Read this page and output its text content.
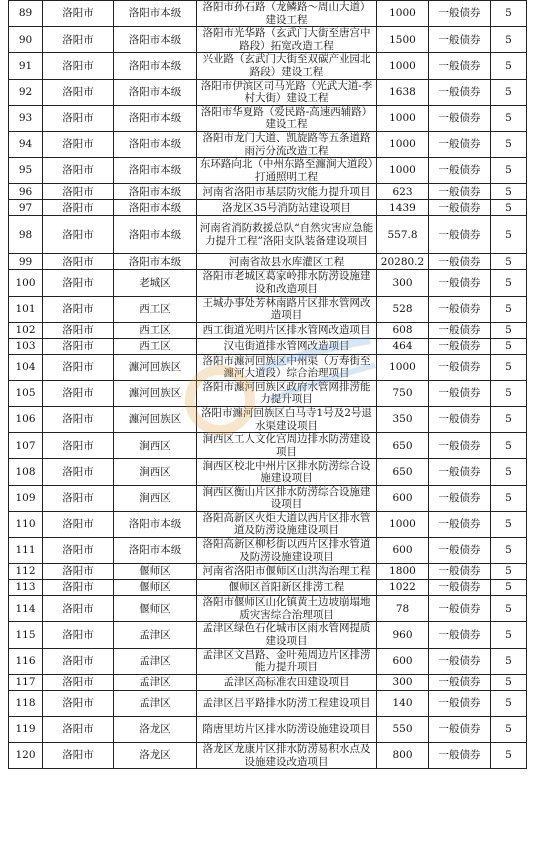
89	洛阳市	洛阳市本级	洛阳市孙石路（龙鳞路～周山大道）建设工程	1000	一般债券	5
90	洛阳市	洛阳市本级	洛阳市光华路（玄武门大街至唐宫中路段）拓宽改造工程	1500	一般债券	5
91	洛阳市	洛阳市本级	兴业路（玄武门大街至双碳产业园北路段）建设工程	1000	一般债券	5
92	洛阳市	洛阳市本级	洛阳市伊滨区司马光路（光武大道-李村大街）建设工程	1638	一般债券	5
93	洛阳市	洛阳市本级	洛阳市华夏路（爱民路-高速西辅路）建设工程	1000	一般债券	5
94	洛阳市	洛阳市本级	洛阳市龙门大道、凯旋路等五条道路雨污分流改造工程	1000	一般债券	5
95	洛阳市	洛阳市本级	东环路向北（中州东路至瀍涧大道段）打通照明工程	1000	一般债券	5
96	洛阳市	洛阳市本级	河南省洛阳市基层防灾能力提升项目	623	一般债券	5
97	洛阳市	洛阳市本级	洛龙区35号消防站建设项目	1439	一般债券	5
98	洛阳市	洛阳市本级	河南省消防救援总队“自然灾害应急能力提升工程”洛阳支队装备建设项目	557.8	一般债券	5
99	洛阳市	洛阳市本级	河南省故县水库灌区工程	20280.2	一般债券	5
100	洛阳市	老城区	洛阳市老城区葛家岭排水防涝设施建设和改造项目	300	一般债券	5
101	洛阳市	西工区	王城办事处芳林南路片区排水管网改造项目	528	一般债券	5
102	洛阳市	西工区	西工街道光明片区排水管网改造项目	608	一般债券	5
103	洛阳市	西工区	汉屯街道排水管网改造项目	464	一般债券	5
104	洛阳市	瀍河回族区	洛阳市瀍河回族区中州渠（万寿街至瀍河大道段）综合治理项目	1000	一般债券	5
105	洛阳市	瀍河回族区	洛阳市瀍河回族区政府水管网排涝能力提升项目	750	一般债券	5
106	洛阳市	瀍河回族区	洛阳市瀍河回族区白马寺1号及2号退水渠建设项目	350	一般债券	5
107	洛阳市	涧西区	涧西区工人文化宫周边排水防涝建设项目	650	一般债券	5
108	洛阳市	涧西区	涧西区校北中州片区排水防涝综合设施建设项目	650	一般债券	5
109	洛阳市	涧西区	涧西区衡山片区排水防涝综合设施建设项目	600	一般债券	5
110	洛阳市	洛阳市本级	洛阳高新区火炬大道以西片区排水管道及防涝设施建设项目	1000	一般债券	5
111	洛阳市	洛阳市本级	洛阳高新区柳杉街以西片区排水管道及防涝设施建设项目	600	一般债券	5
112	洛阳市	偃师区	河南省洛阳市偃师区山洪沟治理工程	1800	一般债券	5
113	洛阳市	偃师区	偃师区首阳新区排涝工程	1022	一般债券	5
114	洛阳市	偃师区	洛阳市偃师区山化镇黄土边坡崩塌地质灾害综合治理项目	78	一般债券	5
115	洛阳市	孟津区	孟津区绿色石化城市区雨水管网提质建设项目	960	一般债券	5
116	洛阳市	孟津区	孟津区文昌路、金叶苑周边片区排涝能力提升项目	600	一般债券	5
117	洛阳市	孟津区	孟津区高标准农田建设项目	300	一般债券	5
118	洛阳市	孟津区	孟津区吕平路排水防涝工程建设项目	140	一般债券	5
119	洛阳市	洛龙区	隋唐里坊片区排水防涝设施建设项目	550	一般债券	5
120	洛阳市	洛龙区	洛龙区龙康片区排水防涝易积水点及设施建设改造项目	800	一般债券	5
